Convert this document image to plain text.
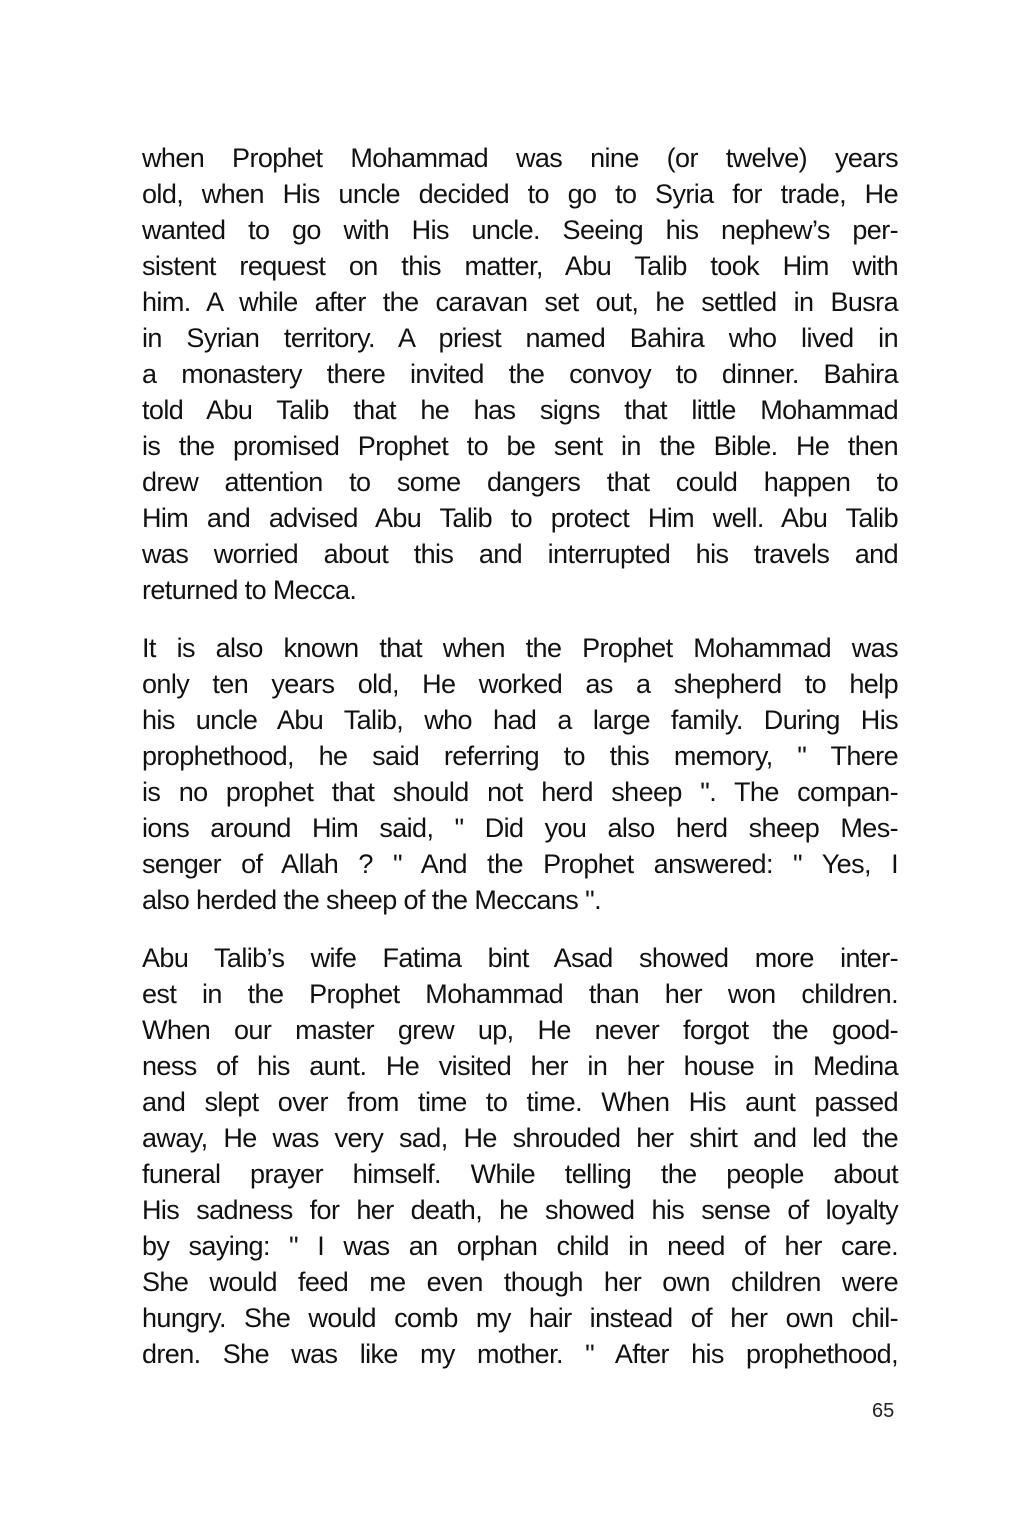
when Prophet Mohammad was nine (or twelve) years
old, when His uncle decided to go to Syria for trade, He
wanted to go with His uncle. Seeing his nephew’s per-
sistent request on this matter, Abu Talib took Him with
him. A while after the caravan set out, he settled in Busra
in Syrian territory. A priest named Bahira who lived in
a monastery there invited the convoy to dinner. Bahira
told Abu Talib that he has signs that little Mohammad
is the promised Prophet to be sent in the Bible. He then
drew attention to some dangers that could happen to
Him and advised Abu Talib to protect Him well. Abu Talib
was worried about this and interrupted his travels and
returned to Mecca.
It is also known that when the Prophet Mohammad was
only ten years old, He worked as a shepherd to help
his uncle Abu Talib, who had a large family. During His
prophethood, he said referring to this memory, ʺ There
is no prophet that should not herd sheep ʺ. The compan-
ions around Him said, ʺ Did you also herd sheep Mes-
senger of Allah ? ʺ And the Prophet answered: ʺ Yes, I
also herded the sheep of the Meccans ʺ.
Abu Talib’s wife Fatima bint Asad showed more inter-
est in the Prophet Mohammad than her won children.
When our master grew up, He never forgot the good-
ness of his aunt. He visited her in her house in Medina
and slept over from time to time. When His aunt passed
away, He was very sad, He shrouded her shirt and led the
funeral prayer himself. While telling the people about
His sadness for her death, he showed his sense of loyalty
by saying: ʺ I was an orphan child in need of her care.
She would feed me even though her own children were
hungry. She would comb my hair instead of her own chil-
dren. She was like my mother. ʺ After his prophethood,
65
